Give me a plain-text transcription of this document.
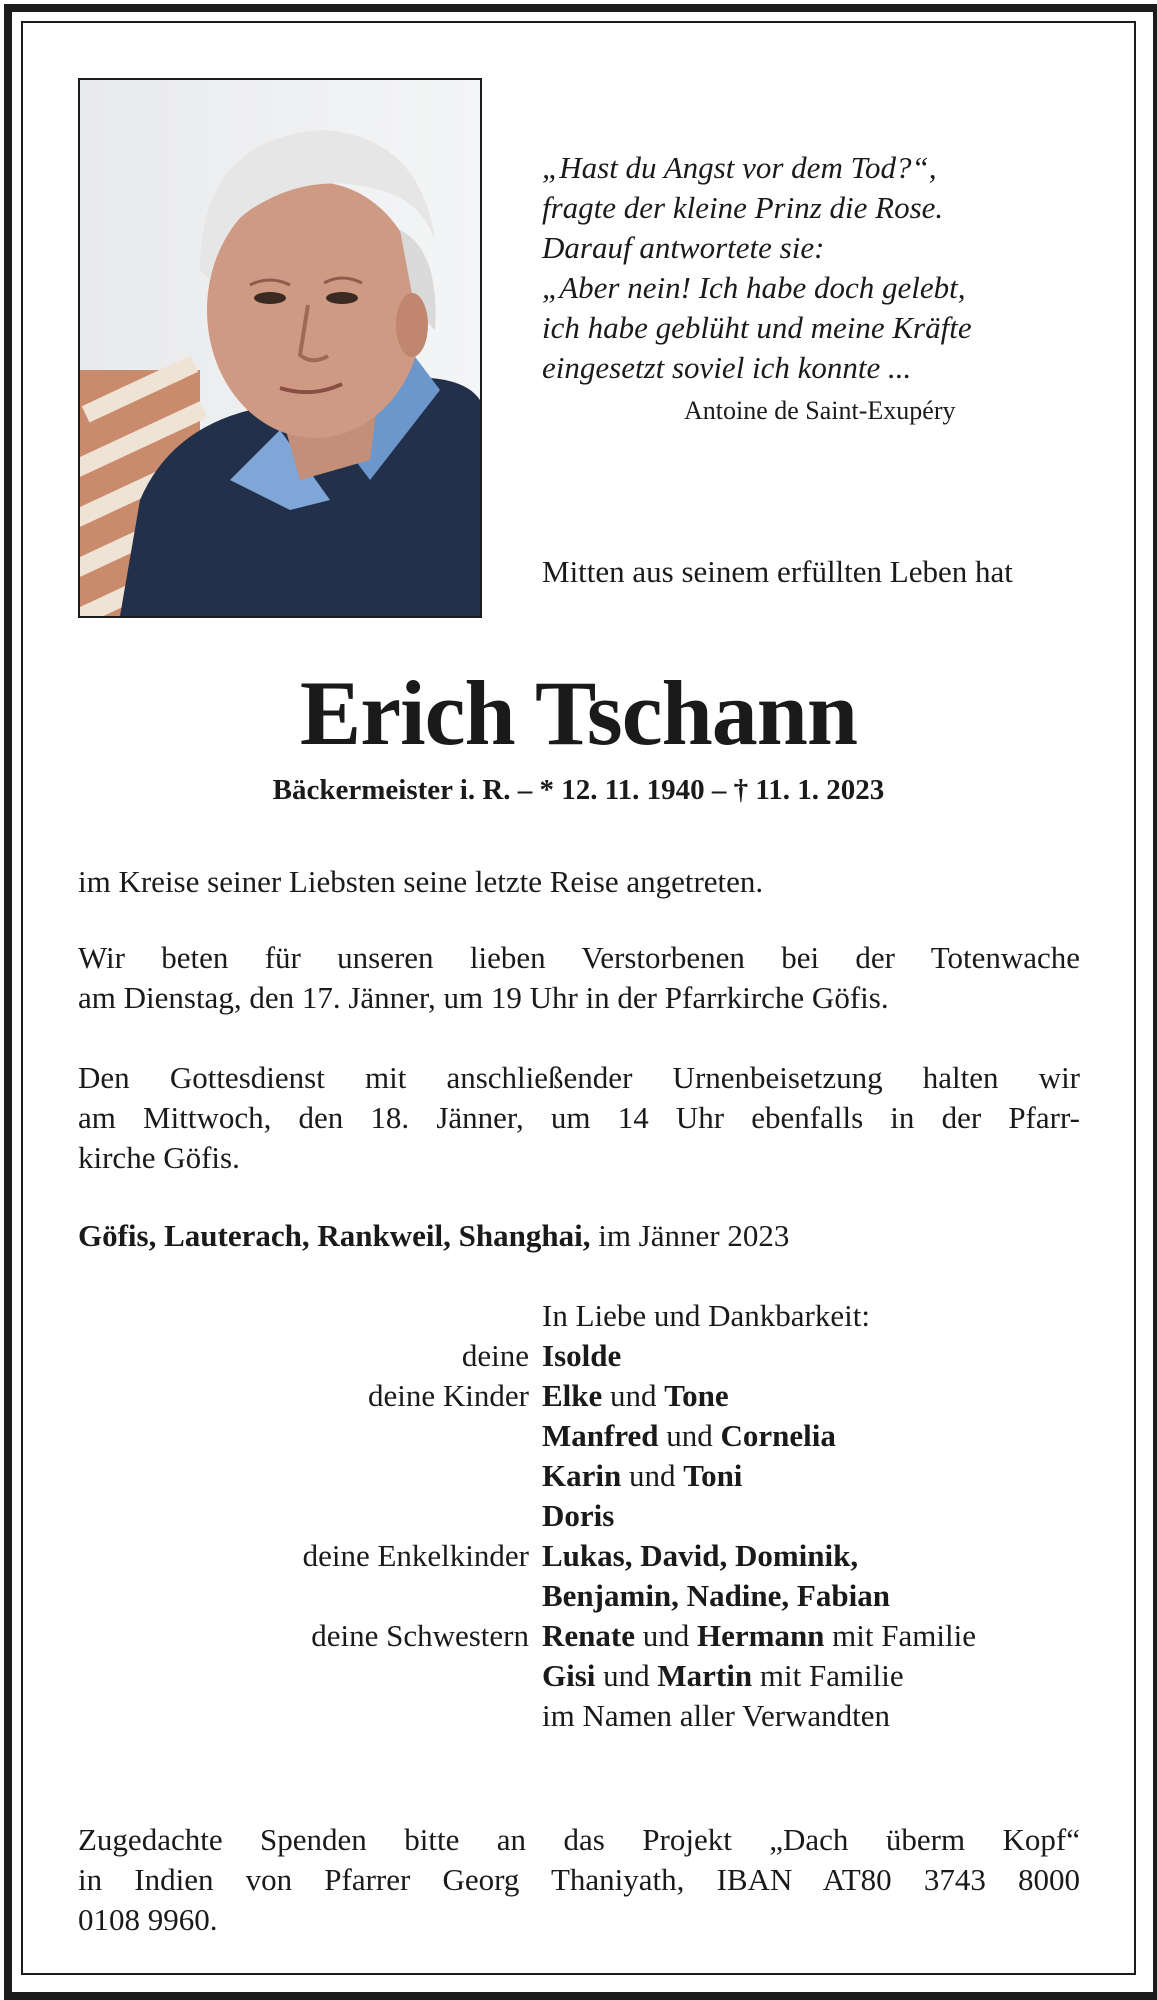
„Hast du Angst vor dem Tod?“,
fragte der kleine Prinz die Rose.
Darauf antwortete sie:
„Aber nein! Ich habe doch gelebt,
ich habe geblüht und meine Kräfte
eingesetzt soviel ich konnte ...
Antoine de Saint-Exupéry
Mitten aus seinem erfüllten Leben hat
Erich Tschann
Bäckermeister i. R. – * 12. 11. 1940 – † 11. 1. 2023
im Kreise seiner Liebsten seine letzte Reise angetreten.
Wir beten für unseren lieben Verstorbenen bei der Totenwache
am Dienstag, den 17. Jänner, um 19 Uhr in der Pfarrkirche Göfis.
Den Gottesdienst mit anschließender Urnenbeisetzung halten wir
am Mittwoch, den 18. Jänner, um 14 Uhr ebenfalls in der Pfarr-
kirche Göfis.
Göfis, Lauterach, Rankweil, Shanghai, im Jänner 2023
In Liebe und Dankbarkeit:
deine Isolde
deine Kinder Elke und Tone
Manfred und Cornelia
Karin und Toni
Doris
deine Enkelkinder Lukas, David, Dominik,
Benjamin, Nadine, Fabian
deine Schwestern Renate und Hermann mit Familie
Gisi und Martin mit Familie
im Namen aller Verwandten
Zugedachte Spenden bitte an das Projekt „Dach überm Kopf“
in Indien von Pfarrer Georg Thaniyath, IBAN AT80 3743 8000
0108 9960.
